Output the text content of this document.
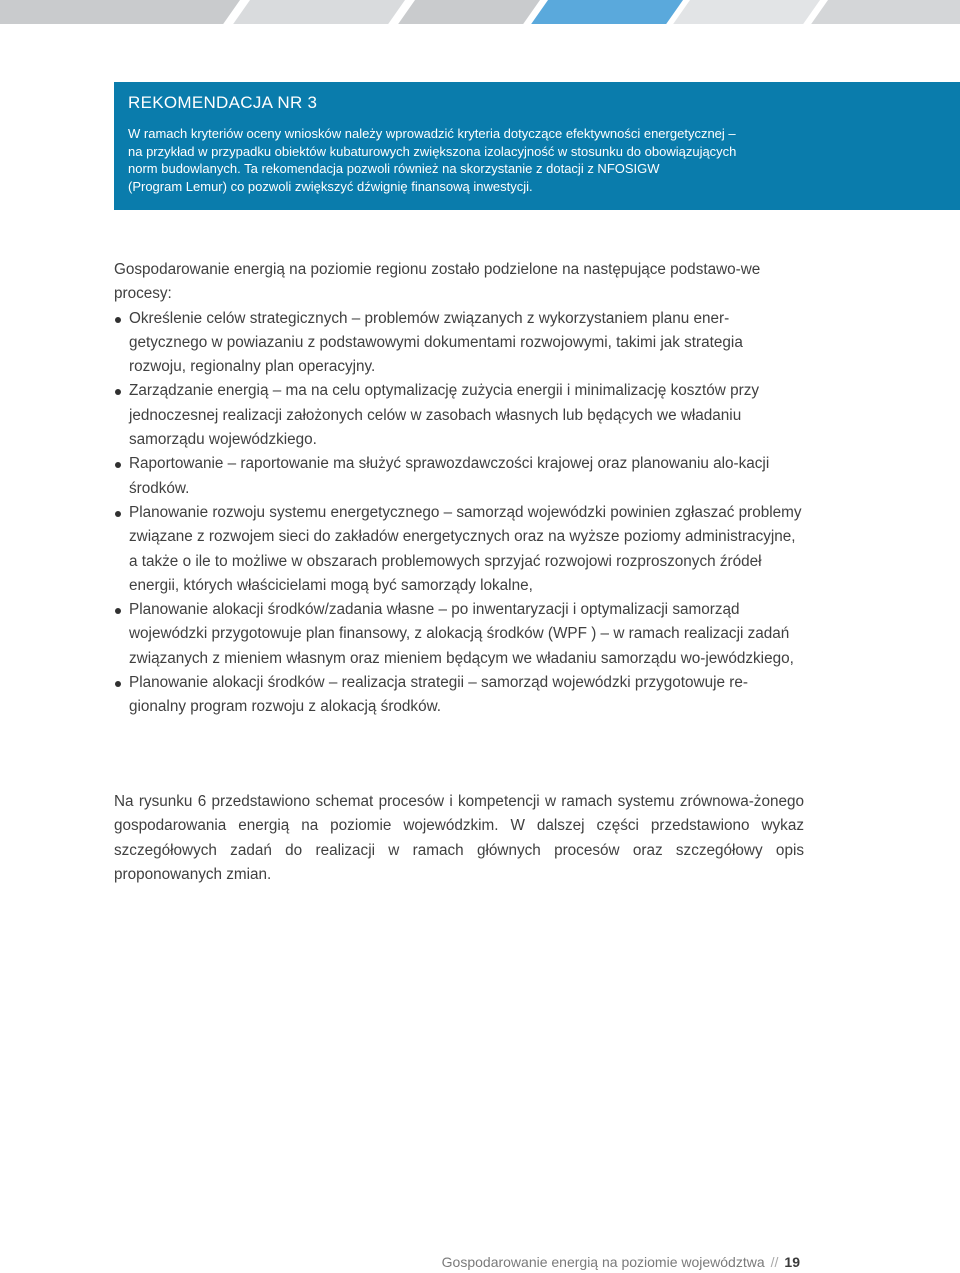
REKOMENDACJA NR 3

W ramach kryteriów oceny wniosków należy wprowadzić kryteria dotyczące efektywności energetycznej –
na przykład w przypadku obiektów kubaturowych zwiększona izolacyjność w stosunku do obowiązujących
norm budowlanych. Ta rekomendacja pozwoli również na skorzystanie z dotacji z NFOSIGW
(Program Lemur) co pozwoli zwiększyć dźwignię finansową inwestycji.

Gospodarowanie energią na poziomie regionu zostało podzielone na następujące podstawo-we procesy:

Określenie celów strategicznych – problemów związanych z wykorzystaniem planu ener-getycznego w powiazaniu z podstawowymi dokumentami rozwojowymi, takimi jak strategia rozwoju, regionalny plan operacyjny.
Zarządzanie energią – ma na celu optymalizację zużycia energii i minimalizację kosztów przy jednoczesnej realizacji założonych celów w zasobach własnych lub będących we władaniu samorządu wojewódzkiego.
Raportowanie – raportowanie ma służyć sprawozdawczości krajowej oraz planowaniu alo-kacji środków.
Planowanie rozwoju systemu energetycznego – samorząd wojewódzki powinien zgłaszać problemy związane z rozwojem sieci do zakładów energetycznych oraz na wyższe poziomy administracyjne, a także o ile to możliwe w obszarach problemowych sprzyjać rozwojowi rozproszonych źródeł energii, których właścicielami mogą być samorządy lokalne,
Planowanie alokacji środków/zadania własne – po inwentaryzacji i optymalizacji samorząd wojewódzki przygotowuje plan finansowy, z alokacją środków (WPF ) – w ramach realizacji zadań związanych z mieniem własnym oraz mieniem będącym we władaniu samorządu wo-jewódzkiego,
Planowanie alokacji środków – realizacja strategii – samorząd wojewódzki przygotowuje re-gionalny program rozwoju z alokacją środków.

Na rysunku 6 przedstawiono schemat procesów i kompetencji w ramach systemu zrównowa-żonego gospodarowania energią na poziomie wojewódzkim. W dalszej części przedstawiono wykaz szczegółowych zadań do realizacji w ramach głównych procesów oraz szczegółowy opis proponowanych zmian.

Gospodarowanie energią na poziomie województwa // 19
